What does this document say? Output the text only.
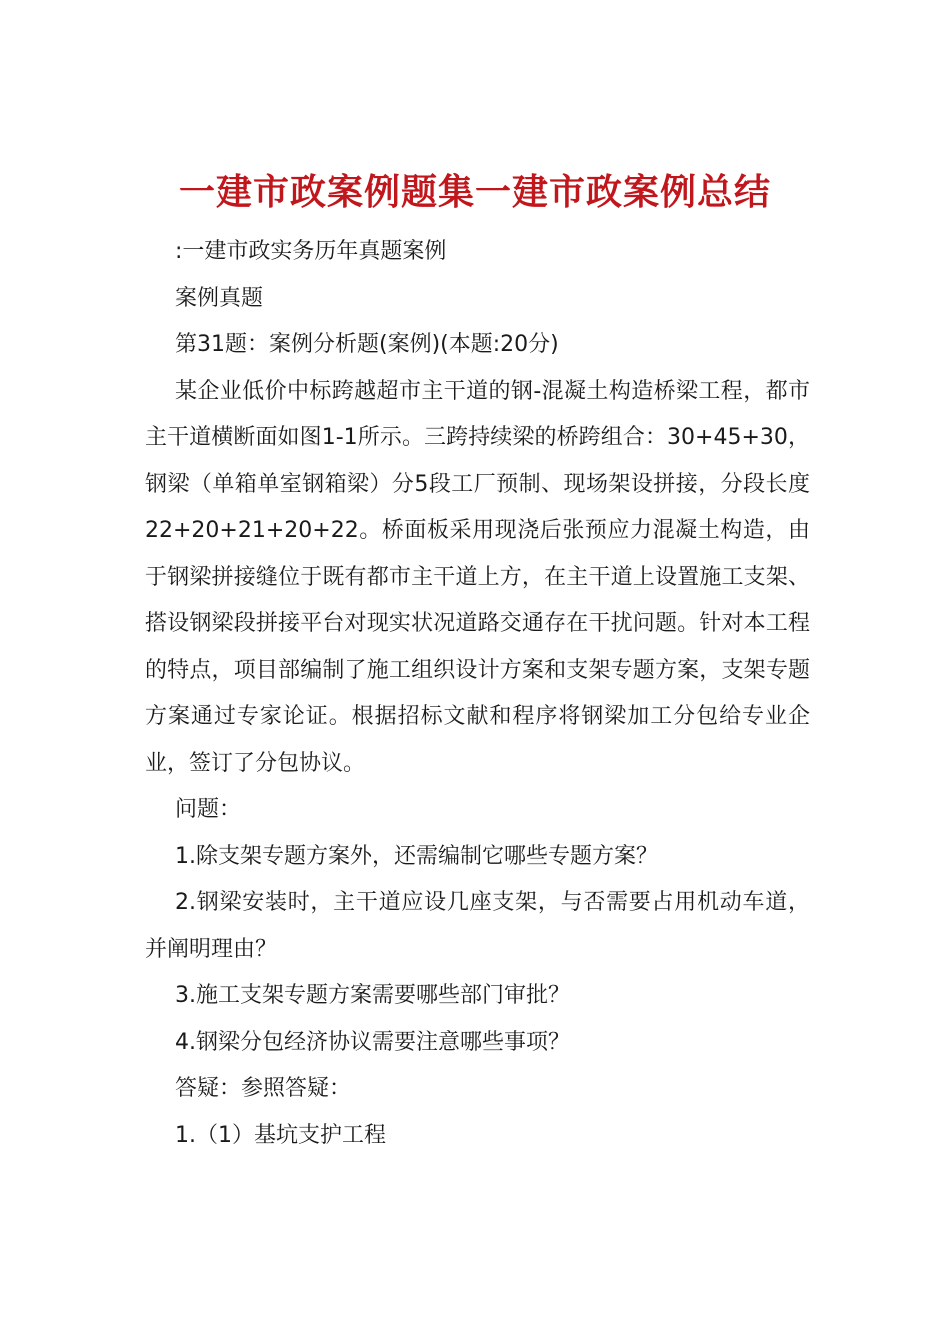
一建市政案例题集一建市政案例总结

:一建市政实务历年真题案例

案例真题

第31题：案例分析题(案例)(本题:20分)

某企业低价中标跨越超市主干道的钢-混凝土构造桥梁工程，都市主干道横断面如图1-1所示。三跨持续梁的桥跨组合：30+45+30，钢梁（单箱单室钢箱梁）分5段工厂预制、现场架设拼接，分段长度22+20+21+20+22。桥面板采用现浇后张预应力混凝土构造，由于钢梁拼接缝位于既有都市主干道上方，在主干道上设置施工支架、搭设钢梁段拼接平台对现实状况道路交通存在干扰问题。针对本工程的特点，项目部编制了施工组织设计方案和支架专题方案，支架专题方案通过专家论证。根据招标文献和程序将钢梁加工分包给专业企业，签订了分包协议。

问题：

1.除支架专题方案外，还需编制它哪些专题方案？

2.钢梁安装时，主干道应设几座支架，与否需要占用机动车道，并阐明理由？

3.施工支架专题方案需要哪些部门审批？

4.钢梁分包经济协议需要注意哪些事项？

答疑：参照答疑：

1.（1）基坑支护工程
